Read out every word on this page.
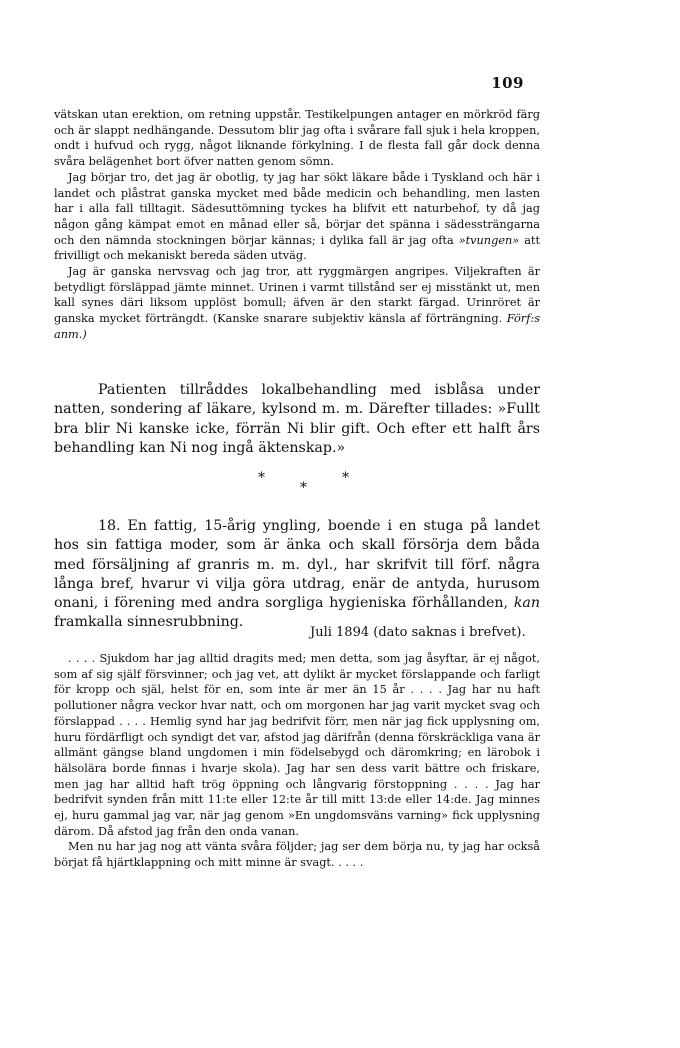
109

vätskan utan erektion, om retning uppstår. Testikelpungen antager en mörkröd färg och är slappt nedhängande. Dessutom blir jag ofta i svårare fall sjuk i hela kroppen, ondt i hufvud och rygg, något liknande förkylning. I de flesta fall går dock denna svåra belägenhet bort öfver natten genom sömn.

Jag börjar tro, det jag är obotlig, ty jag har sökt läkare både i Tyskland och här i landet och plåstrat ganska mycket med både medicin och behandling, men lasten har i alla fall tilltagit. Sädesuttömning tyckes ha blifvit ett naturbehof, ty då jag någon gång kämpat emot en månad eller så, börjar det spänna i sädessträngarna och den nämnda stockningen börjar kännas; i dylika fall är jag ofta »tvungen» att frivilligt och mekaniskt bereda säden utväg.

Jag är ganska nervsvag och jag tror, att ryggmärgen angripes. Viljekraften är betydligt försläppad jämte minnet. Urinen i varmt tillstånd ser ej misstänkt ut, men kall synes däri liksom upplöst bomull; äfven är den starkt färgad. Urinröret är ganska mycket förträngdt. (Kanske snarare subjektiv känsla af förträngning. Förf:s anm.)

Patienten tillråddes lokalbehandling med isblåsa under natten, sondering af läkare, kylsond m. m. Därefter tillades: »Fullt bra blir Ni kanske icke, förrän Ni blir gift. Och efter ett halft års behandling kan Ni nog ingå äktenskap.»

*
*
*

18. En fattig, 15-årig yngling, boende i en stuga på landet hos sin fattiga moder, som är änka och skall försörja dem båda med försäljning af granris m. m. dyl., har skrifvit till förf. några långa bref, hvarur vi vilja göra utdrag, enär de antyda, hurusom onani, i förening med andra sorgliga hygieniska förhållanden, kan framkalla sinnesrubbning.

Juli 1894 (dato saknas i brefvet).

. . . . Sjukdom har jag alltid dragits med; men detta, som jag åsyftar, är ej något, som af sig själf försvinner; och jag vet, att dylikt är mycket förslappande och farligt för kropp och själ, helst för en, som inte är mer än 15 år . . . . Jag har nu haft pollutioner några veckor hvar natt, och om morgonen har jag varit mycket svag och förslappad . . . . Hemlig synd har jag bedrifvit förr, men när jag fick upplysning om, huru fördärfligt och syndigt det var, afstod jag därifrån (denna förskräckliga vana är allmänt gängse bland ungdomen i min födelsebygd och däromkring; en lärobok i hälsolära borde finnas i hvarje skola). Jag har sen dess varit bättre och friskare, men jag har alltid haft trög öppning och långvarig förstoppning . . . . Jag har bedrifvit synden från mitt 11:te eller 12:te år till mitt 13:de eller 14:de. Jag minnes ej, huru gammal jag var, när jag genom »En ungdomsväns varning» fick upplysning därom. Då afstod jag från den onda vanan.

Men nu har jag nog att vänta svåra följder; jag ser dem börja nu, ty jag har också börjat få hjärtklappning och mitt minne är svagt. . . . .
